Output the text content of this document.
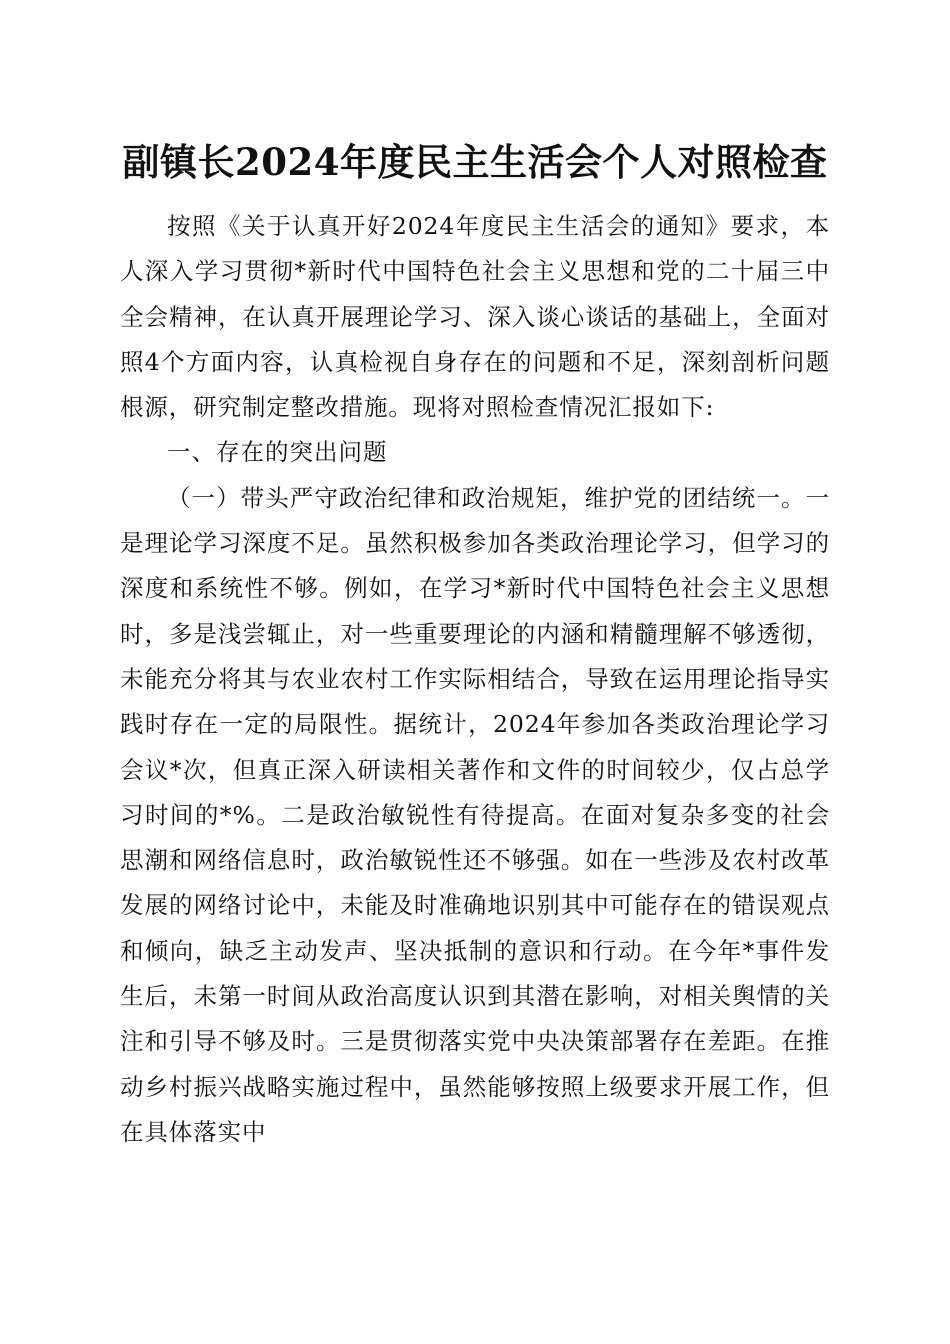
副镇长2024年度民主生活会个人对照检查

按照《关于认真开好2024年度民主生活会的通知》要求，本人深入学习贯彻*新时代中国特色社会主义思想和党的二十届三中全会精神，在认真开展理论学习、深入谈心谈话的基础上，全面对照4个方面内容，认真检视自身存在的问题和不足，深刻剖析问题根源，研究制定整改措施。现将对照检查情况汇报如下:

一、存在的突出问题

（一）带头严守政治纪律和政治规矩，维护党的团结统一。一是理论学习深度不足。虽然积极参加各类政治理论学习，但学习的深度和系统性不够。例如，在学习*新时代中国特色社会主义思想时，多是浅尝辄止，对一些重要理论的内涵和精髓理解不够透彻，未能充分将其与农业农村工作实际相结合，导致在运用理论指导实践时存在一定的局限性。据统计，2024年参加各类政治理论学习会议*次，但真正深入研读相关著作和文件的时间较少，仅占总学习时间的*%。二是政治敏锐性有待提高。在面对复杂多变的社会思潮和网络信息时，政治敏锐性还不够强。如在一些涉及农村改革发展的网络讨论中，未能及时准确地识别其中可能存在的错误观点和倾向，缺乏主动发声、坚决抵制的意识和行动。在今年*事件发生后，未第一时间从政治高度认识到其潜在影响，对相关舆情的关注和引导不够及时。三是贯彻落实党中央决策部署存在差距。在推动乡村振兴战略实施过程中，虽然能够按照上级要求开展工作，但在具体落实中
